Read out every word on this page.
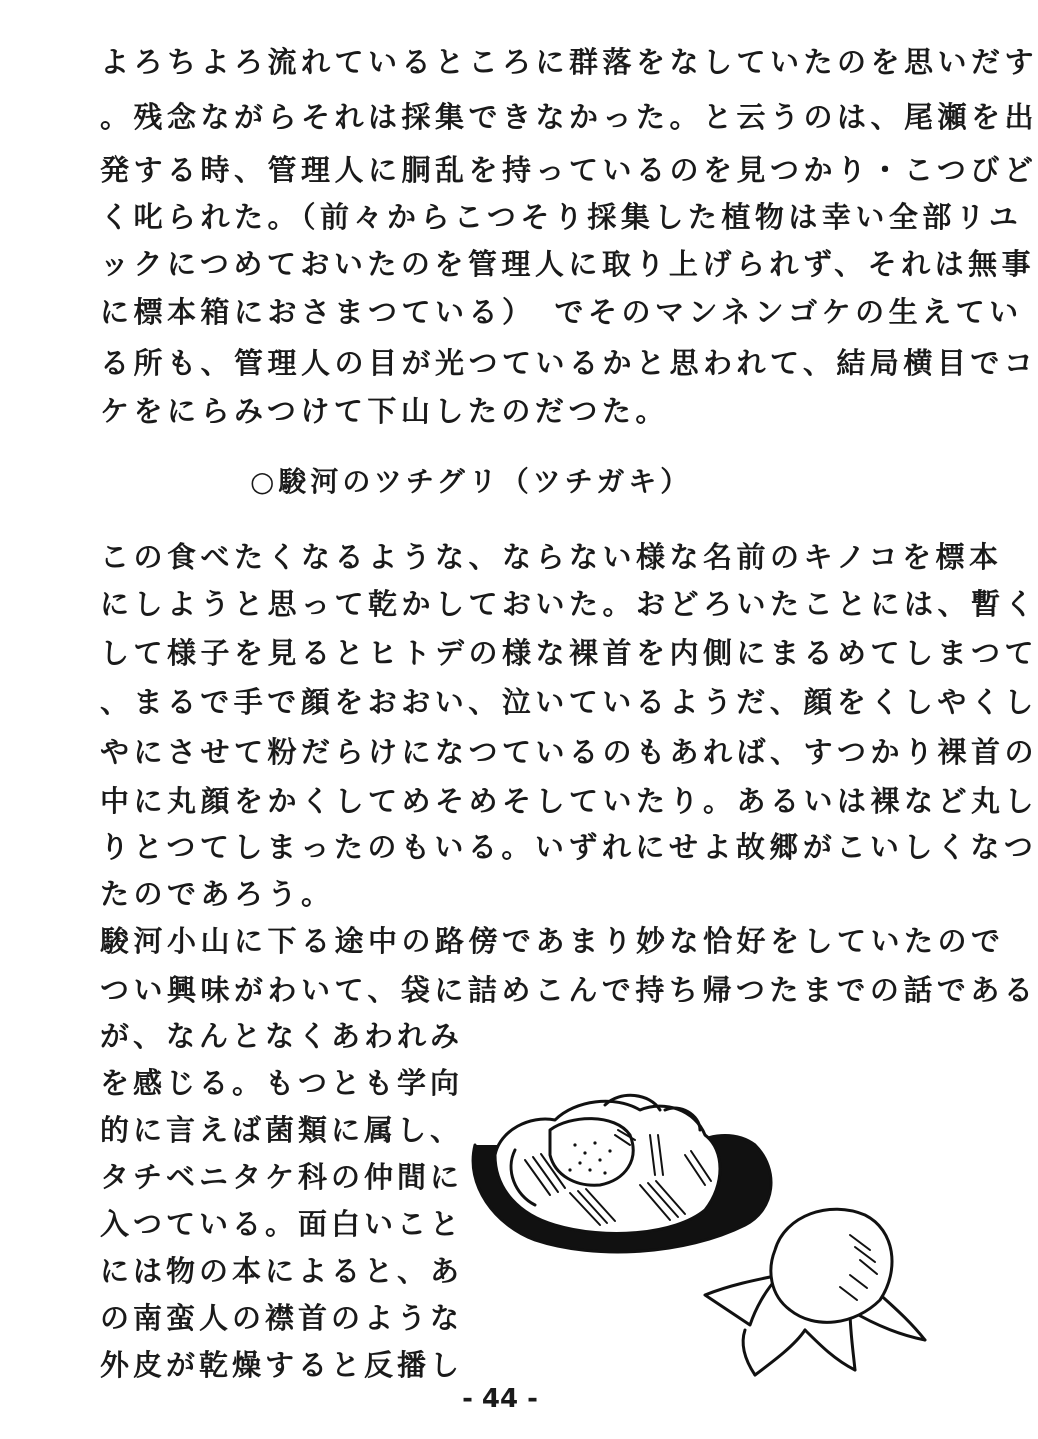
よろちよろ流れているところに群落をなしていたのを思いだす
。残念ながらそれは採集できなかった。と云うのは、尾瀬を出
発する時、管理人に胴乱を持っているのを見つかり・こつびど
く叱られた。（前々からこつそり採集した植物は幸い全部リユ
ックにつめておいたのを管理人に取り上げられず、それは無事
に標本箱におさまつている）　でそのマンネンゴケの生えてい
る所も、管理人の目が光つているかと思われて、結局横目でコ
ケをにらみつけて下山したのだつた。
○駿河のツチグリ（ツチガキ）
この食べたくなるような、ならない様な名前のキノコを標本
にしようと思って乾かしておいた。おどろいたことには、暫く
して様子を見るとヒトデの様な裸首を内側にまるめてしまつて
、まるで手で顔をおおい、泣いているようだ、顔をくしやくし
やにさせて粉だらけになつているのもあれば、すつかり裸首の
中に丸顔をかくしてめそめそしていたり。あるいは裸など丸し
りとつてしまったのもいる。いずれにせよ故郷がこいしくなつ
たのであろう。
駿河小山に下る途中の路傍であまり妙な恰好をしていたので
つい興味がわいて、袋に詰めこんで持ち帰つたまでの話である
が、なんとなくあわれみ
を感じる。もつとも学向
的に言えば菌類に属し、
タチベニタケ科の仲間に
入つている。面白いこと
には物の本によると、あ
の南蛮人の襟首のような
外皮が乾燥すると反播し
- 44 -
